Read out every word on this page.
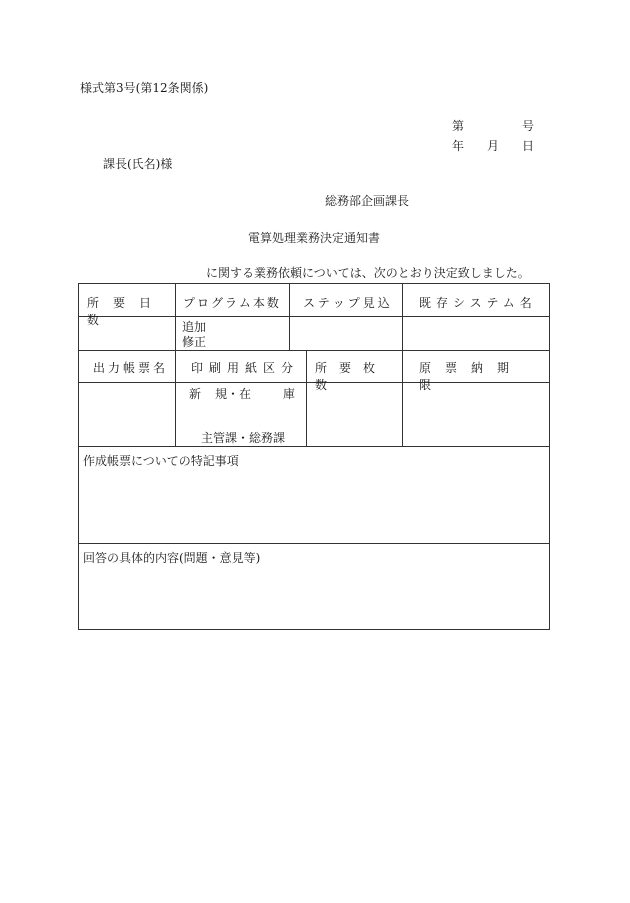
様式第3号(第12条関係)
第	号
年 月 日
課長(氏名)様
総務部企画課長
電算処理業務決定通知書
に関する業務依頼については、次のとおり決定致しました。
所要日数
プログラム本数 ステップ見込 既存システム名
追加
修正
出力帳票名 印刷用紙区分 所要枚数
原票納期限
新 規・在	庫
主管課・総務課
作成帳票についての特記事項
回答の具体的内容(問題・意見等)
